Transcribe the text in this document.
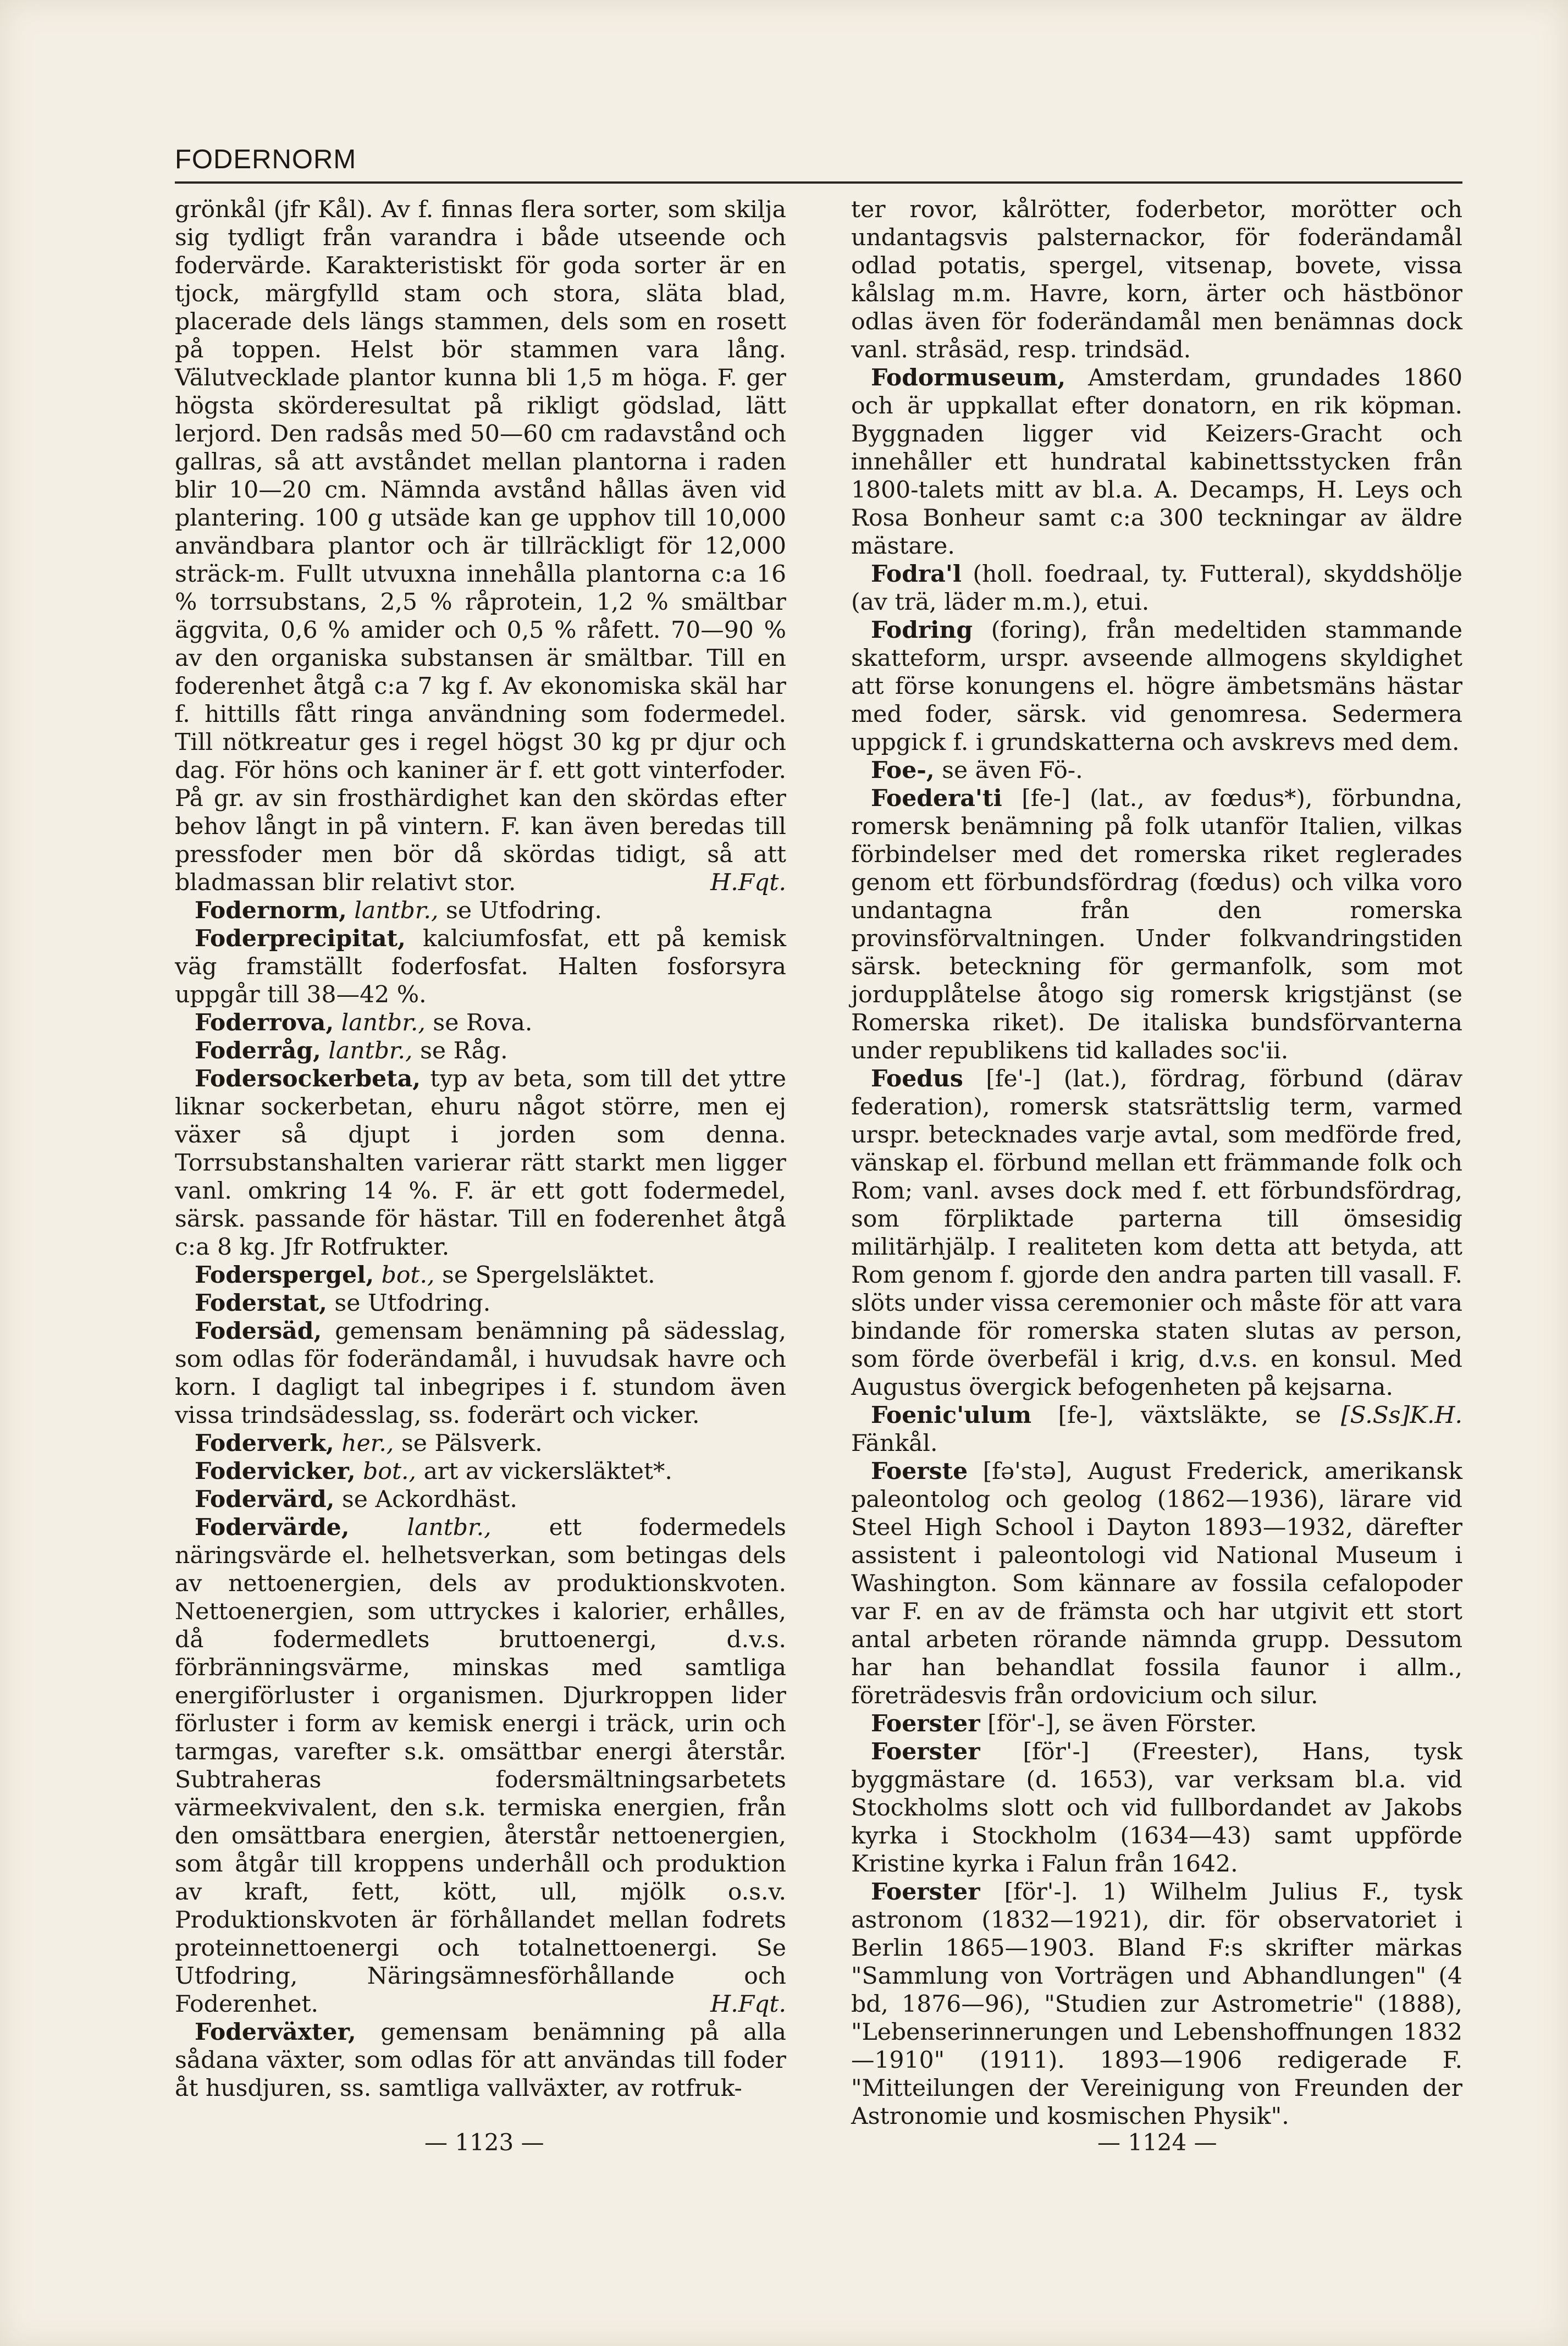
FODERNORM

grönkål (jfr Kål). Av f. finnas flera sorter, som skilja sig tydligt från varandra i både utseende och fodervärde. Karakteristiskt för goda sorter är en tjock, märgfylld stam och stora, släta blad, placerade dels längs stammen, dels som en rosett på toppen. Helst bör stammen vara lång. Välutvecklade plantor kunna bli 1,5 m höga. F. ger högsta skörderesultat på rikligt gödslad, lätt lerjord. Den radsås med 50—60 cm radavstånd och gallras, så att avståndet mellan plantorna i raden blir 10—20 cm. Nämnda avstånd hållas även vid plantering. 100 g utsäde kan ge upphov till 10,000 användbara plantor och är tillräckligt för 12,000 sträck-m. Fullt utvuxna innehålla plantorna c:a 16 % torrsubstans, 2,5 % råprotein, 1,2 % smältbar äggvita, 0,6 % amider och 0,5 % råfett. 70—90 % av den organiska substansen är smältbar. Till en foderenhet åtgå c:a 7 kg f. Av ekonomiska skäl har f. hittills fått ringa användning som fodermedel. Till nötkreatur ges i regel högst 30 kg pr djur och dag. För höns och kaniner är f. ett gott vinterfoder. På gr. av sin frosthärdighet kan den skördas efter behov långt in på vintern. F. kan även beredas till pressfoder men bör då skördas tidigt, så att bladmassan blir relativt stor.	H.Fqt.

Fodernorm, lantbr., se Utfodring.

Foderprecipitat, kalciumfosfat, ett på kemisk väg framställt foderfosfat. Halten fosforsyra uppgår till 38—42 %.

Foderrova, lantbr., se Rova.

Foderråg, lantbr., se Råg.

Fodersockerbeta, typ av beta, som till det yttre liknar sockerbetan, ehuru något större, men ej växer så djupt i jorden som denna. Torrsubstanshalten varierar rätt starkt men ligger vanl. omkring 14 %. F. är ett gott fodermedel, särsk. passande för hästar. Till en foderenhet åtgå c:a 8 kg. Jfr Rotfrukter.

Foderspergel, bot., se Spergelsläktet.

Foderstat, se Utfodring.

Fodersäd, gemensam benämning på sädesslag, som odlas för foderändamål, i huvudsak havre och korn. I dagligt tal inbegripes i f. stundom även vissa trindsädesslag, ss. foderärt och vicker.

Foderverk, her., se Pälsverk.

Fodervicker, bot., art av vickersläktet*.

Fodervärd, se Ackordhäst.

Fodervärde, lantbr., ett fodermedels näringsvärde el. helhetsverkan, som betingas dels av nettoenergien, dels av produktionskvoten. Nettoenergien, som uttryckes i kalorier, erhålles, då fodermedlets bruttoenergi, d.v.s. förbränningsvärme, minskas med samtliga energiförluster i organismen. Djurkroppen lider förluster i form av kemisk energi i träck, urin och tarmgas, varefter s.k. omsättbar energi återstår. Subtraheras fodersmältningsarbetets värmeekvivalent, den s.k. termiska energien, från den omsättbara energien, återstår nettoenergien, som åtgår till kroppens underhåll och produktion av kraft, fett, kött, ull, mjölk o.s.v. Produktionskvoten är förhållandet mellan fodrets proteinnettoenergi och totalnettoenergi. Se Utfodring, Näringsämnesförhållande och Foderenhet.	H.Fqt.

Foderväxter, gemensam benämning på alla sådana växter, som odlas för att användas till foder åt husdjuren, ss. samtliga vallväxter, av rotfruk-

ter rovor, kålrötter, foderbetor, morötter och undantagsvis palsternackor, för foderändamål odlad potatis, spergel, vitsenap, bovete, vissa kålslag m.m. Havre, korn, ärter och hästbönor odlas även för foderändamål men benämnas dock vanl. stråsäd, resp. trindsäd.

Fodormuseum, Amsterdam, grundades 1860 och är uppkallat efter donatorn, en rik köpman. Byggnaden ligger vid Keizers-Gracht och innehåller ett hundratal kabinettsstycken från 1800-talets mitt av bl.a. A. Decamps, H. Leys och Rosa Bonheur samt c:a 300 teckningar av äldre mästare.

Fodra'l (holl. foedraal, ty. Futteral), skyddshölje (av trä, läder m.m.), etui.

Fodring (foring), från medeltiden stammande skatteform, urspr. avseende allmogens skyldighet att förse konungens el. högre ämbetsmäns hästar med foder, särsk. vid genomresa. Sedermera uppgick f. i grundskatterna och avskrevs med dem.

Foe-, se även Fö-.

Foedera'ti [fe-] (lat., av fœdus*), förbundna, romersk benämning på folk utanför Italien, vilkas förbindelser med det romerska riket reglerades genom ett förbundsfördrag (fœdus) och vilka voro undantagna från den romerska provinsförvaltningen. Under folkvandringstiden särsk. beteckning för germanfolk, som mot jordupplåtelse åtogo sig romersk krigstjänst (se Romerska riket). De italiska bundsförvanterna under republikens tid kallades soc'ii.

Foedus [fe'-] (lat.), fördrag, förbund (därav federation), romersk statsrättslig term, varmed urspr. betecknades varje avtal, som medförde fred, vänskap el. förbund mellan ett främmande folk och Rom; vanl. avses dock med f. ett förbundsfördrag, som förpliktade parterna till ömsesidig militärhjälp. I realiteten kom detta att betyda, att Rom genom f. gjorde den andra parten till vasall. F. slöts under vissa ceremonier och måste för att vara bindande för romerska staten slutas av person, som förde överbefäl i krig, d.v.s. en konsul. Med Augustus övergick befogenheten på kejsarna.
[S.Ss]K.H.

Foenic'ulum [fe-], växtsläkte, se Fänkål.

Foerste [fə'stə], August Frederick, amerikansk paleontolog och geolog (1862—1936), lärare vid Steel High School i Dayton 1893—1932, därefter assistent i paleontologi vid National Museum i Washington. Som kännare av fossila cefalopoder var F. en av de främsta och har utgivit ett stort antal arbeten rörande nämnda grupp. Dessutom har han behandlat fossila faunor i allm., företrädesvis från ordovicium och silur.

Foerster [för'-], se även Förster.

Foerster [för'-] (Freester), Hans, tysk byggmästare (d. 1653), var verksam bl.a. vid Stockholms slott och vid fullbordandet av Jakobs kyrka i Stockholm (1634—43) samt uppförde Kristine kyrka i Falun från 1642.

Foerster [för'-]. 1) Wilhelm Julius F., tysk astronom (1832—1921), dir. för observatoriet i Berlin 1865—1903. Bland F:s skrifter märkas "Sammlung von Vorträgen und Abhandlungen" (4 bd, 1876—96), "Studien zur Astrometrie" (1888), "Lebenserinnerungen und Lebenshoffnungen 1832—1910" (1911). 1893—1906 redigerade F. "Mitteilungen der Vereinigung von Freunden der Astronomie und kosmischen Physik".

— 1123 —	— 1124 —
